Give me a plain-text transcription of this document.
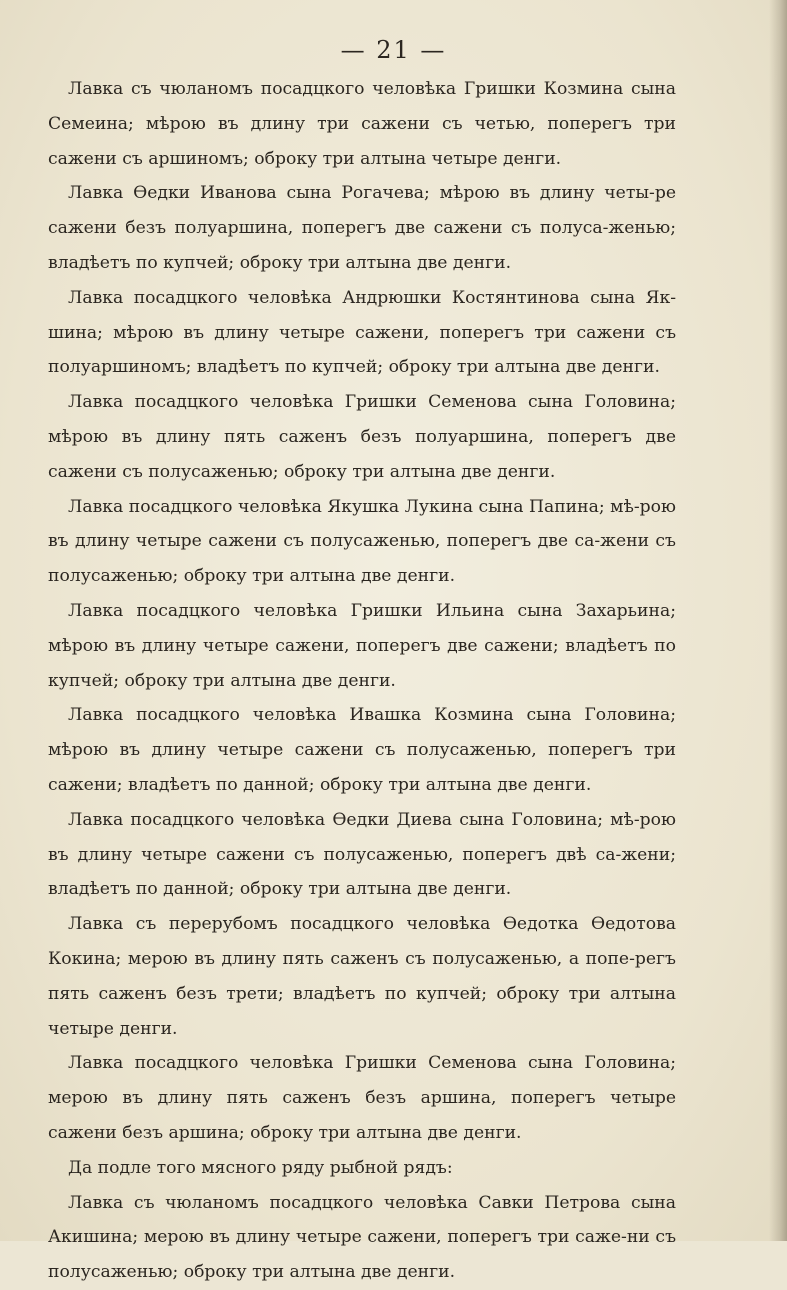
— 21 —

Лавка съ чюланомъ посадцкого человѣка Гришки Козмина сына Семеина; мѣрою въ длину три сажени съ четью, поперегъ три сажени съ аршиномъ; оброку три алтына четыре денги.

Лавка Ѳедки Иванова сына Рогачева; мѣрою въ длину четы-ре сажени безъ полуаршина, поперегъ две сажени съ полуса-женью; владѣетъ по купчей; оброку три алтына две денги.

Лавка посадцкого человѣка Андрюшки Костянтинова сына Як-шина; мѣрою въ длину четыре сажени, поперегъ три сажени съ полуаршиномъ; владѣетъ по купчей; оброку три алтына две денги.

Лавка посадцкого человѣка Гришки Семенова сына Головина; мѣрою въ длину пять саженъ безъ полуаршина, поперегъ две сажени съ полусаженью; оброку три алтына две денги.

Лавка посадцкого человѣка Якушка Лукина сына Папина; мѣ-рою въ длину четыре сажени съ полусаженью, поперегъ две са-жени съ полусаженью; оброку три алтына две денги.

Лавка посадцкого человѣка Гришки Ильина сына Захарьина; мѣрою въ длину четыре сажени, поперегъ две сажени; владѣетъ по купчей; оброку три алтына две денги.

Лавка посадцкого человѣка Ивашка Козмина сына Головина; мѣрою въ длину четыре сажени съ полусаженью, поперегъ три сажени; владѣетъ по данной; оброку три алтына две денги.

Лавка посадцкого человѣка Ѳедки Диева сына Головина; мѣ-рою въ длину четыре сажени съ полусаженью, поперегъ двѣ са-жени; владѣетъ по данной; оброку три алтына две денги.

Лавка съ перерубомъ посадцкого человѣка Ѳедотка Ѳедотова Кокина; мерою въ длину пять саженъ съ полусаженью, а попе-регъ пять саженъ безъ трети; владѣетъ по купчей; оброку три алтына четыре денги.

Лавка посадцкого человѣка Гришки Семенова сына Головина; мерою въ длину пять саженъ безъ аршина, поперегъ четыре сажени безъ аршина; оброку три алтына две денги.

Да подле того мясного ряду рыбной рядъ:

Лавка съ чюланомъ посадцкого человѣка Савки Петрова сына Акишина; мерою въ длину четыре сажени, поперегъ три саже-ни съ полусаженью; оброку три алтына две денги.
